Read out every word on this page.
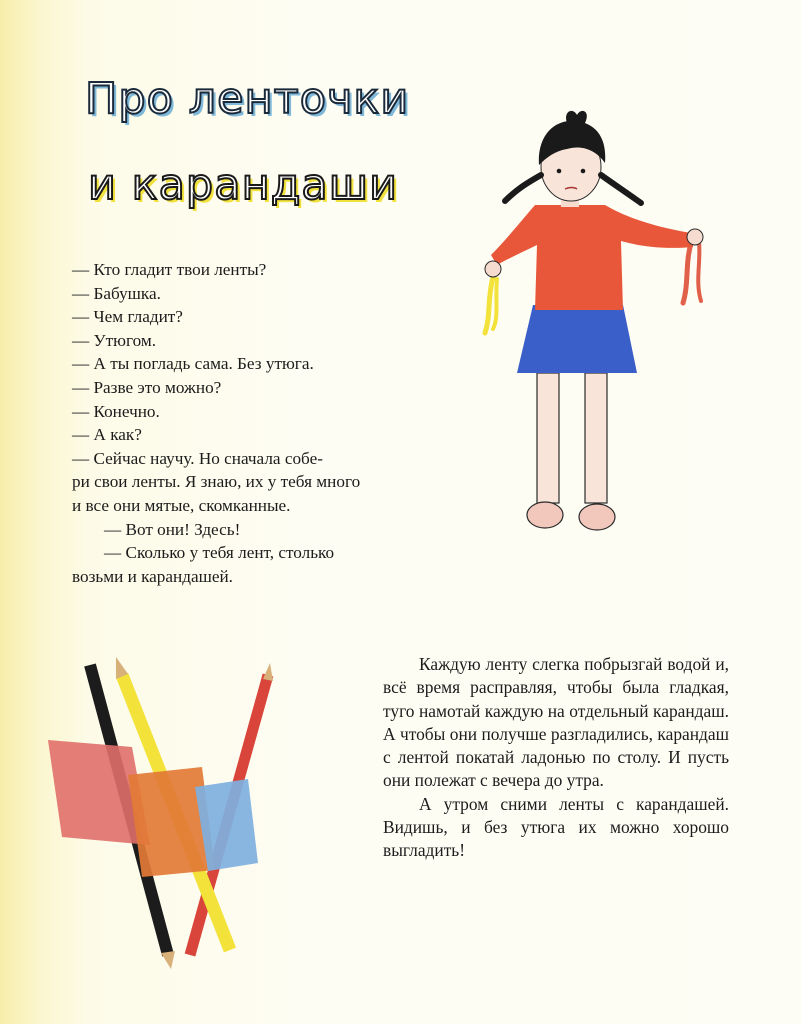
Про ленточки
и карандаши
— Кто гладит твои ленты?
— Бабушка.
— Чем гладит?
— Утюгом.
— А ты погладь сама. Без утюга.
— Разве это можно?
— Конечно.
— А как?
— Сейчас научу. Но сначала собе-
ри свои ленты. Я знаю, их у тебя много
и все они мятые, скомканные.
— Вот они! Здесь!
— Сколько у тебя лент, столько
возьми и карандашей.

Каждую ленту слегка побрызгай водой и, всё время расправляя, чтобы была гладкая, туго намотай каждую на отдельный карандаш. А чтобы они получше разгладились, карандаш с лентой покатай ладонью по столу. И пусть они полежат с вечера до утра.

А утром сними ленты с карандашей. Видишь, и без утюга их можно хорошо выгладить!
